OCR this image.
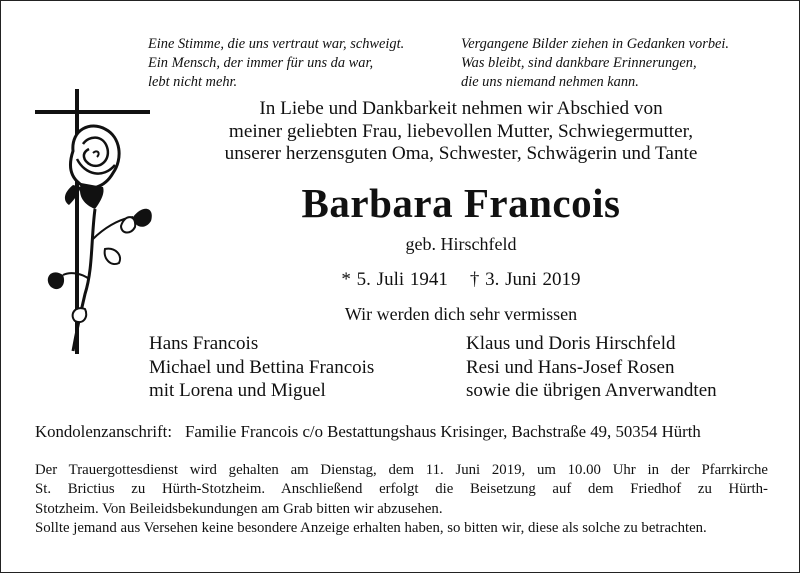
Eine Stimme, die uns vertraut war, schweigt.
Ein Mensch, der immer für uns da war,
lebt nicht mehr.
Vergangene Bilder ziehen in Gedanken vorbei.
Was bleibt, sind dankbare Erinnerungen,
die uns niemand nehmen kann.
In Liebe und Dankbarkeit nehmen wir Abschied von
meiner geliebten Frau, liebevollen Mutter, Schwiegermutter,
unserer herzensguten Oma, Schwester, Schwägerin und Tante
Barbara Francois
geb. Hirschfeld
* 5. Juli 1941 † 3. Juni 2019
Wir werden dich sehr vermissen
Hans Francois
Michael und Bettina Francois
mit Lorena und Miguel
Klaus und Doris Hirschfeld
Resi und Hans-Josef Rosen
sowie die übrigen Anverwandten
Kondolenzanschrift: Familie Francois c/o Bestattungshaus Krisinger, Bachstraße 49, 50354 Hürth
Der Trauergottesdienst wird gehalten am Dienstag, dem 11. Juni 2019, um 10.00 Uhr in der Pfarrkirche
St. Brictius zu Hürth-Stotzheim. Anschließend erfolgt die Beisetzung auf dem Friedhof zu Hürth-
Stotzheim. Von Beileidsbekundungen am Grab bitten wir abzusehen.
Sollte jemand aus Versehen keine besondere Anzeige erhalten haben, so bitten wir, diese als solche zu betrachten.
